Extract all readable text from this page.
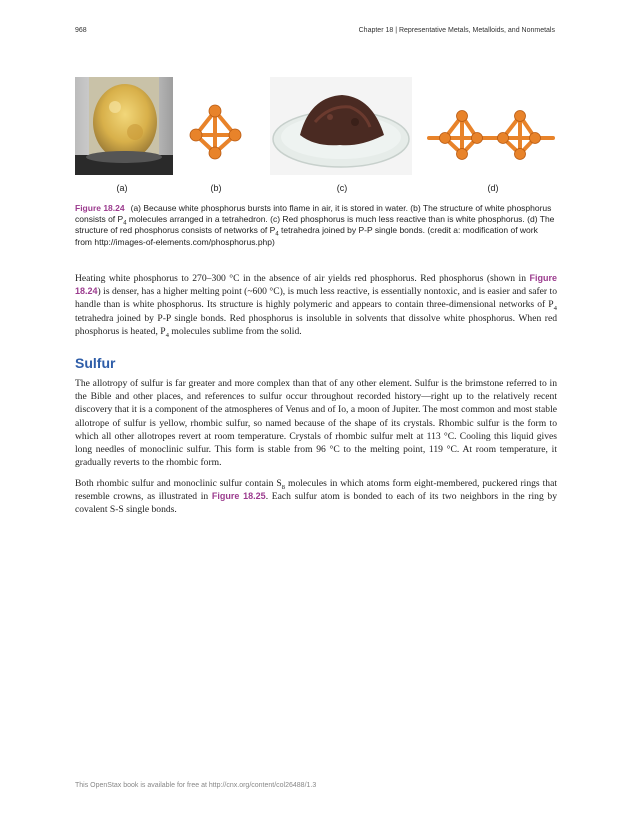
968	Chapter 18 | Representative Metals, Metalloids, and Nonmetals
(a)	(b)	(c)	(d)
Figure 18.24 (a) Because white phosphorus bursts into flame in air, it is stored in water. (b) The structure of white phosphorus consists of $P_4$ molecules arranged in a tetrahedron. (c) Red phosphorus is much less reactive than is white phosphorus. (d) The structure of red phosphorus consists of networks of $P_4$ tetrahedra joined by P-P single bonds. (credit a: modification of work from http://images-of-elements.com/phosphorus.php)
Heating white phosphorus to 270–300 °C in the absence of air yields red phosphorus. Red phosphorus (shown in Figure 18.24) is denser, has a higher melting point (~600 °C), is much less reactive, is essentially nontoxic, and is easier and safer to handle than is white phosphorus. Its structure is highly polymeric and appears to contain three-dimensional networks of $P_4$ tetrahedra joined by P-P single bonds. Red phosphorus is insoluble in solvents that dissolve white phosphorus. When red phosphorus is heated, $P_4$ molecules sublime from the solid.
Sulfur
The allotropy of sulfur is far greater and more complex than that of any other element. Sulfur is the brimstone referred to in the Bible and other places, and references to sulfur occur throughout recorded history—right up to the relatively recent discovery that it is a component of the atmospheres of Venus and of Io, a moon of Jupiter. The most common and most stable allotrope of sulfur is yellow, rhombic sulfur, so named because of the shape of its crystals. Rhombic sulfur is the form to which all other allotropes revert at room temperature. Crystals of rhombic sulfur melt at 113 °C. Cooling this liquid gives long needles of monoclinic sulfur. This form is stable from 96 °C to the melting point, 119 °C. At room temperature, it gradually reverts to the rhombic form.
Both rhombic sulfur and monoclinic sulfur contain $S_8$ molecules in which atoms form eight-membered, puckered rings that resemble crowns, as illustrated in Figure 18.25. Each sulfur atom is bonded to each of its two neighbors in the ring by covalent S-S single bonds.
This OpenStax book is available for free at http://cnx.org/content/col26488/1.3
